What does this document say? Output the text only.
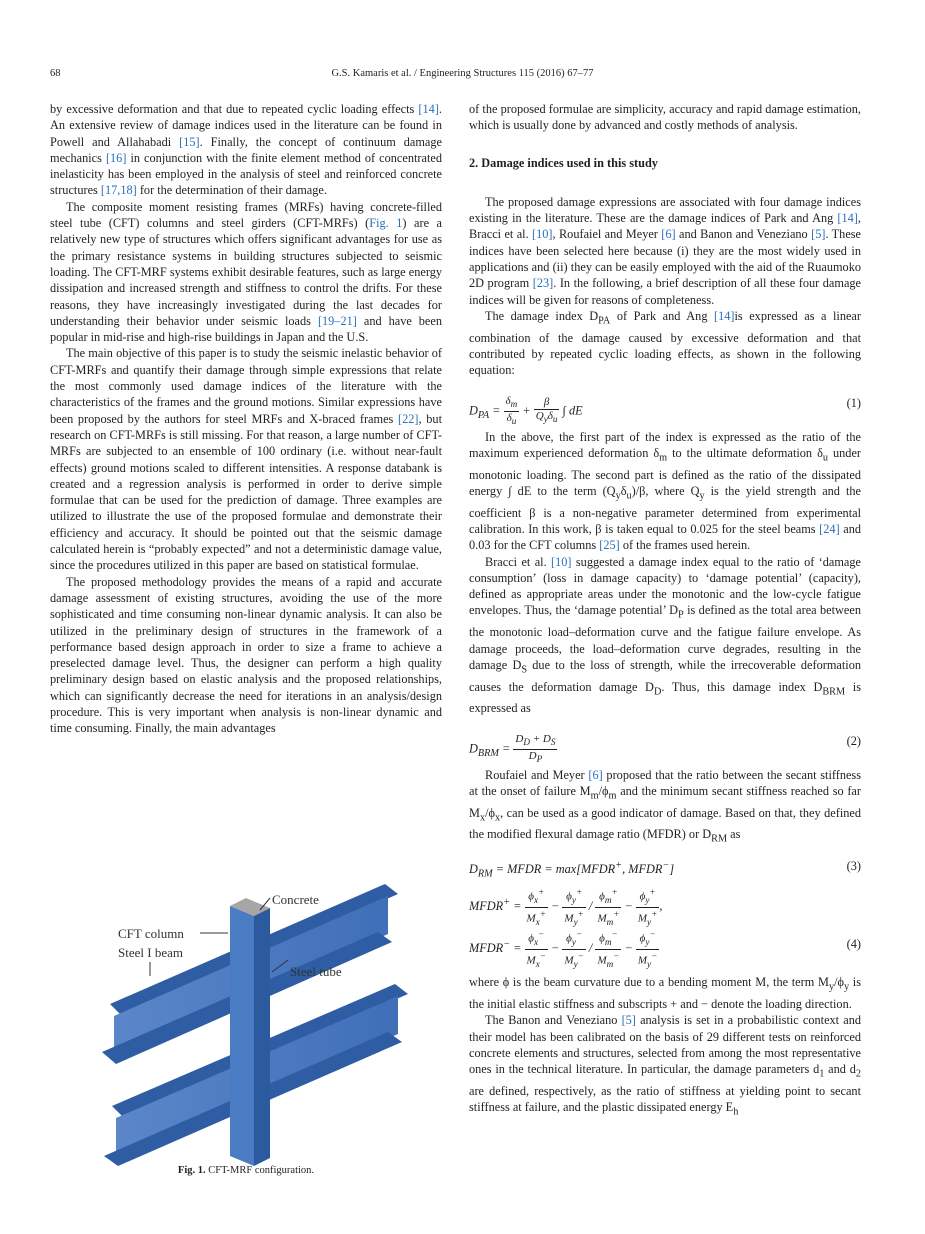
68	G.S. Kamaris et al. / Engineering Structures 115 (2016) 67–77

by excessive deformation and that due to repeated cyclic loading effects [14]. An extensive review of damage indices used in the literature can be found in Powell and Allahabadi [15]. Finally, the concept of continuum damage mechanics [16] in conjunction with the finite element method of concentrated inelasticity has been employed in the analysis of steel and reinforced concrete structures [17,18] for the determination of their damage.

The composite moment resisting frames (MRFs) having concrete-filled steel tube (CFT) columns and steel girders (CFT-MRFs) (Fig. 1) are a relatively new type of structures which offers significant advantages for use as the primary resistance systems in building structures subjected to seismic loading. The CFT-MRF systems exhibit desirable features, such as large energy dissipation and increased strength and stiffness to control the drifts. For these reasons, they have increasingly investigated during the last decades for understanding their behavior under seismic loads [19–21] and have been popular in mid-rise and high-rise buildings in Japan and the U.S.

The main objective of this paper is to study the seismic inelastic behavior of CFT-MRFs and quantify their damage through simple expressions that relate the most commonly used damage indices of the literature with the characteristics of the frames and the ground motions. Similar expressions have been proposed by the authors for steel MRFs and X-braced frames [22], but research on CFT-MRFs is still missing. For that reason, a large number of CFT-MRFs are subjected to an ensemble of 100 ordinary (i.e. without near-fault effects) ground motions scaled to different intensities. A response databank is created and a regression analysis is performed in order to derive simple formulae that can be used for the prediction of damage. Three examples are utilized to illustrate the use of the proposed formulae and demonstrate their efficiency and accuracy. It should be pointed out that the seismic damage calculated herein is “probably expected” and not a deterministic damage value, since the procedures utilized in this paper are based on statistical formulae.

The proposed methodology provides the means of a rapid and accurate damage assessment of existing structures, avoiding the use of the more sophisticated and time consuming non-linear dynamic analysis. It can also be utilized in the preliminary design of structures in the framework of a performance based design approach in order to size a frame to achieve a preselected damage level. Thus, the designer can perform a high quality preliminary design based on elastic analysis and the proposed relationships, which can significantly decrease the need for iterations in an analysis/design procedure. This is very important when analysis is non-linear dynamic and time consuming. Finally, the main advantages

Concrete
CFT column
Steel I beam
Steel tube
Fig. 1. CFT-MRF configuration.

of the proposed formulae are simplicity, accuracy and rapid damage estimation, which is usually done by advanced and costly methods of analysis.

2. Damage indices used in this study

The proposed damage expressions are associated with four damage indices existing in the literature. These are the damage indices of Park and Ang [14], Bracci et al. [10], Roufaiel and Meyer [6] and Banon and Veneziano [5]. These indices have been selected here because (i) they are the most widely used in applications and (ii) they can be easily employed with the aid of the Ruaumoko 2D program [23]. In the following, a brief description of all these four damage indices will be given for reasons of completeness.

The damage index $D_{PA}$ of Park and Ang [14]is expressed as a linear combination of the damage caused by excessive deformation and that contributed by repeated cyclic loading effects, as shown in the following equation:

$D_{PA} = \frac{\delta_m}{\delta_u} + \frac{\beta}{Q_y\delta_u}$ ∫ dE
(1)

In the above, the first part of the index is expressed as the ratio of the maximum experienced deformation $\delta_m$ to the ultimate deformation $\delta_u$ under monotonic loading. The second part is defined as the ratio of the dissipated energy ∫ dE to the term $(Q_y\delta_u)/\beta$, where $Q_y$ is the yield strength and the coefficient β is a non-negative parameter determined from experimental calibration. In this work, β is taken equal to 0.025 for the steel beams [24] and 0.03 for the CFT columns [25] of the frames used herein.

Bracci et al. [10] suggested a damage index equal to the ratio of ‘damage consumption’ (loss in damage capacity) to ‘damage potential’ (capacity), defined as appropriate areas under the monotonic and the low-cycle fatigue envelopes. Thus, the ‘damage potential’ $D_P$ is defined as the total area between the monotonic load–deformation curve and the fatigue failure envelope. As damage proceeds, the load–deformation curve degrades, resulting in the damage $D_S$ due to the loss of strength, while the irrecoverable deformation causes the deformation damage $D_D$. Thus, this damage index $D_{BRM}$ is expressed as

$D_{BRM} = \frac{D_D + D_S}{D_P}$	(2)

Roufaiel and Meyer [6] proposed that the ratio between the secant stiffness at the onset of failure $M_m/\phi_m$ and the minimum secant stiffness reached so far $M_x/\phi_x$, can be used as a good indicator of damage. Based on that, they defined the modified flexural damage ratio (MFDR) or $D_{RM}$ as

$D_{RM}$ = MFDR = max[MFDR+, MFDR−]	(3)
MFDR+ = $\frac{\phi_x^+}{M_x^+} - \frac{\phi_y^+}{M_y^+} / \frac{\phi_m^+}{M_m^+} - \frac{\phi_y^+}{M_y^+}$ ,
MFDR− = $\frac{\phi_x^-}{M_x^-} - \frac{\phi_y^-}{M_y^-} / \frac{\phi_m^-}{M_m^-} - \frac{\phi_y^-}{M_y^-}$	(4)

where ϕ is the beam curvature due to a bending moment M, the term $M_y/\phi_y$ is the initial elastic stiffness and subscripts + and − denote the loading direction.

The Banon and Veneziano [5] analysis is set in a probabilistic context and their model has been calibrated on the basis of 29 different tests on reinforced concrete elements and structures, selected from among the most representative ones in the technical literature. In particular, the damage parameters $d_1$ and $d_2$ are defined, respectively, as the ratio of stiffness at yielding point to secant stiffness at failure, and the plastic dissipated energy $E_h$
